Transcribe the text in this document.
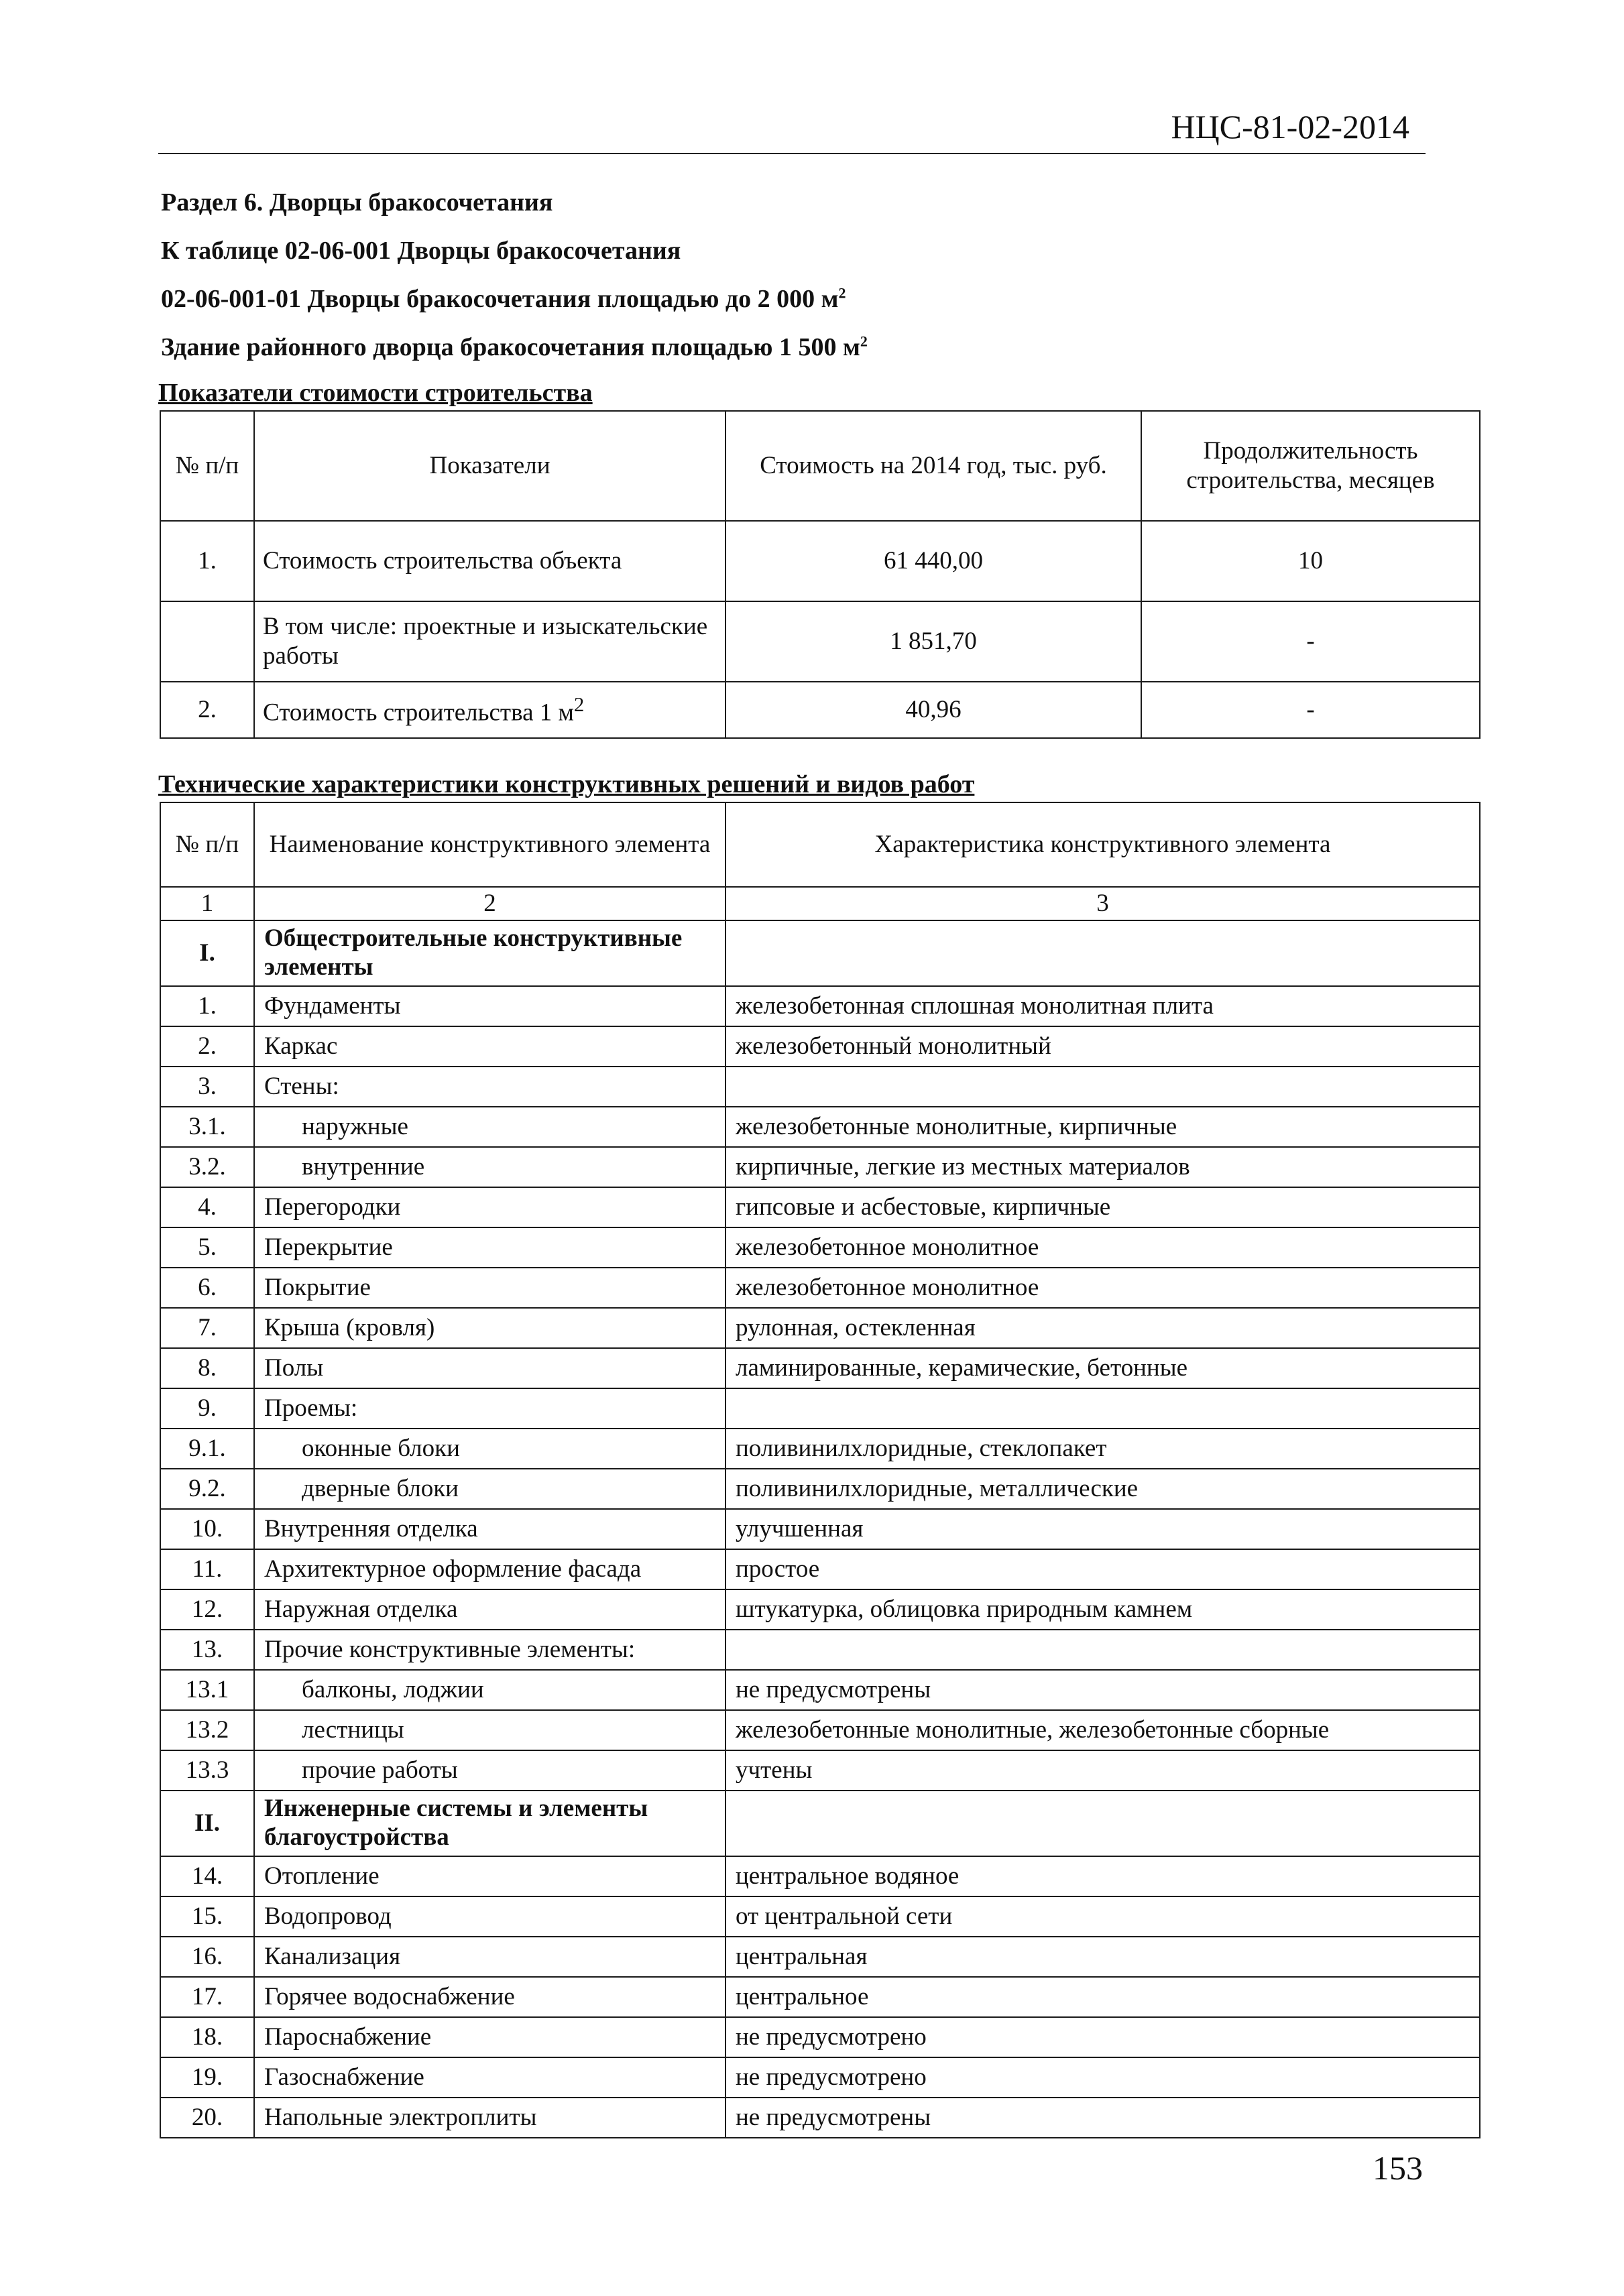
НЦС-81-02-2014
Раздел 6. Дворцы бракосочетания
К таблице 02-06-001 Дворцы бракосочетания
02-06-001-01 Дворцы бракосочетания площадью до 2 000 $м^2$
Здание районного дворца бракосочетания площадью 1 500 $м^2$
Показатели стоимости строительства
№ п/п	Показатели	Стоимость на 2014 год, тыс. руб.	Продолжительность строительства, месяцев
1.	Стоимость строительства объекта	61 440,00	10
	В том числе: проектные и изыскательские работы	1 851,70	-
2.	Стоимость строительства 1 $м^2$	40,96	-
Технические характеристики конструктивных решений и видов работ
№ п/п	Наименование конструктивного элемента	Характеристика конструктивного элемента
1	2	3
I.	Общестроительные конструктивные элементы	
1.	Фундаменты	железобетонная сплошная монолитная плита
2.	Каркас	железобетонный монолитный
3.	Стены:	
3.1.	наружные	железобетонные монолитные, кирпичные
3.2.	внутренние	кирпичные, легкие из местных материалов
4.	Перегородки	гипсовые и асбестовые, кирпичные
5.	Перекрытие	железобетонное монолитное
6.	Покрытие	железобетонное монолитное
7.	Крыша (кровля)	рулонная, остекленная
8.	Полы	ламинированные, керамические, бетонные
9.	Проемы:	
9.1.	оконные блоки	поливинилхлоридные, стеклопакет
9.2.	дверные блоки	поливинилхлоридные, металлические
10.	Внутренняя отделка	улучшенная
11.	Архитектурное оформление фасада	простое
12.	Наружная отделка	штукатурка, облицовка природным камнем
13.	Прочие конструктивные элементы:	
13.1	балконы, лоджии	не предусмотрены
13.2	лестницы	железобетонные монолитные, железобетонные сборные
13.3	прочие работы	учтены
II.	Инженерные системы и элементы благоустройства	
14.	Отопление	центральное водяное
15.	Водопровод	от центральной сети
16.	Канализация	центральная
17.	Горячее водоснабжение	центральное
18.	Пароснабжение	не предусмотрено
19.	Газоснабжение	не предусмотрено
20.	Напольные электроплиты	не предусмотрены
153
